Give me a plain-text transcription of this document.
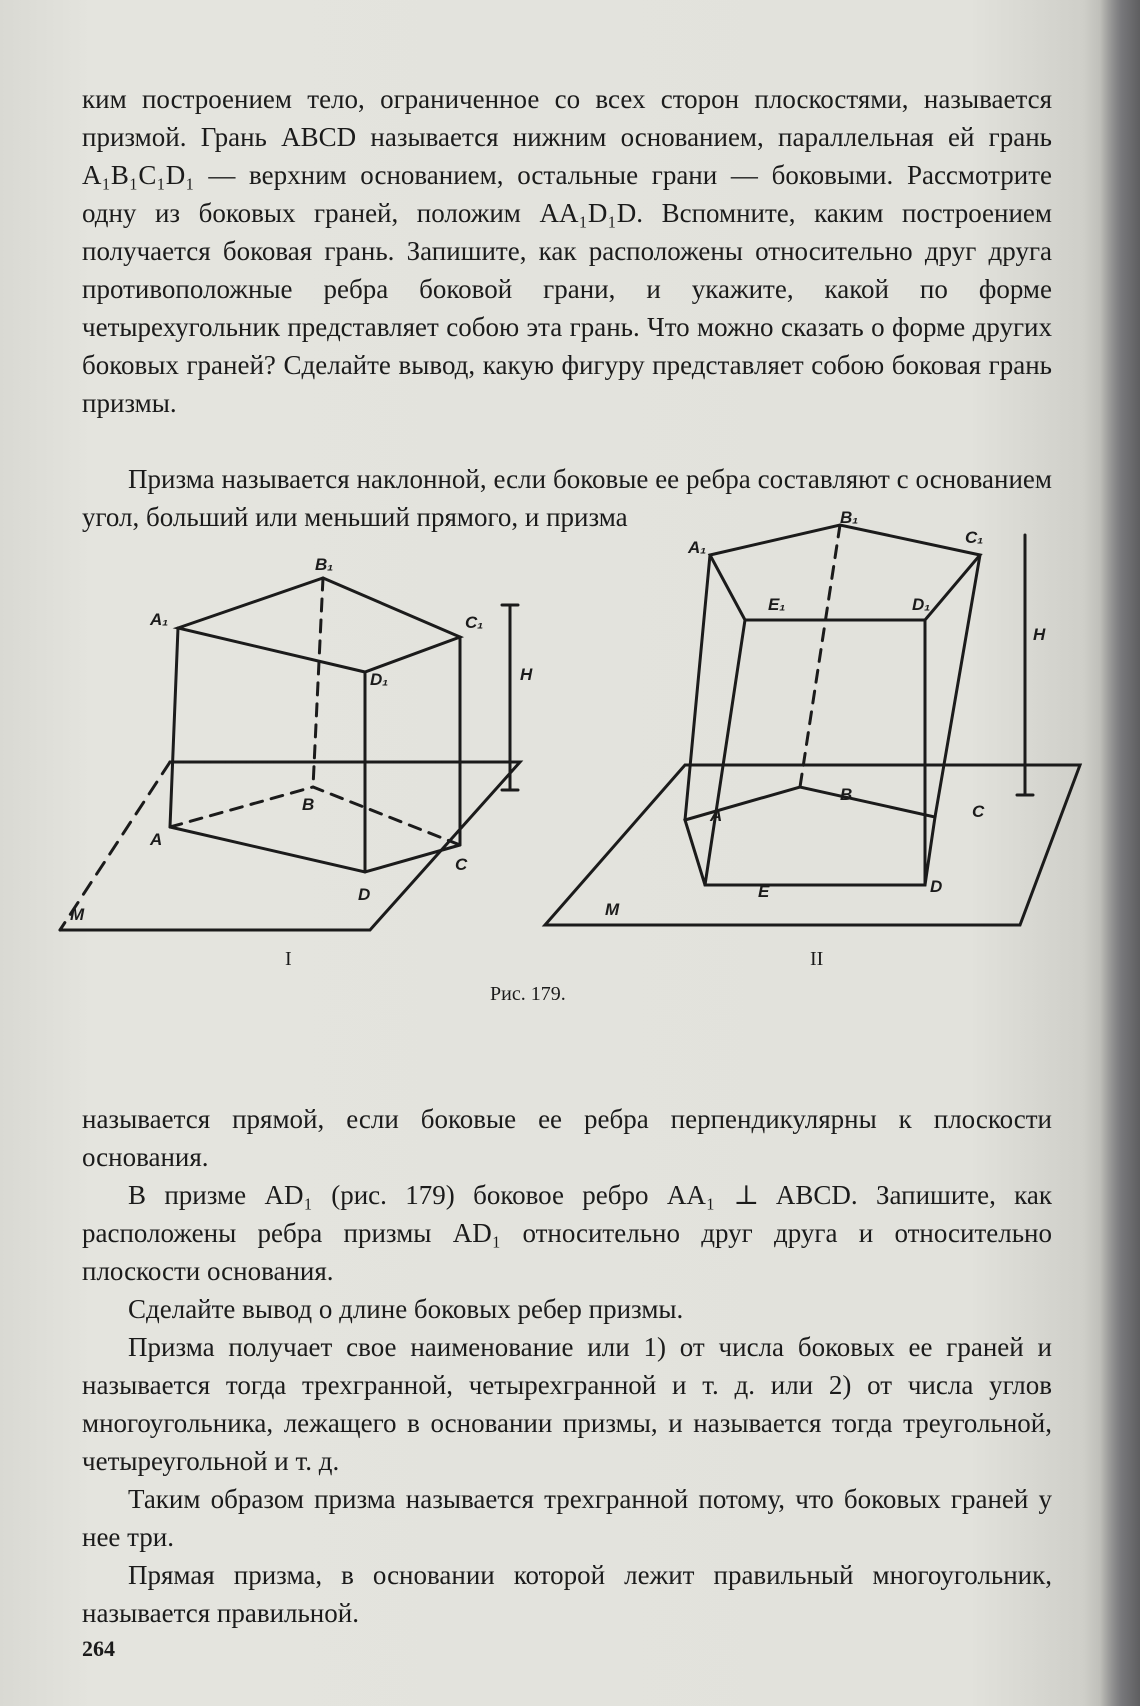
ким построением тело, ограниченное со всех сторон плоскостями, называется призмой. Грань ABCD называется нижним основанием, параллельная ей грань A₁B₁C₁D₁ — верхним основанием, остальные грани — боковыми. Рассмотрите одну из боковых граней, положим AA₁D₁D. Вспомните, каким построением получается боковая грань. Запишите, как расположены относительно друг друга противоположные ребра боковой грани, и укажите, какой по форме четырехугольник представляет собою эта грань. Что можно сказать о форме других боковых граней? Сделайте вывод, какую фигуру представляет собою боковая грань призмы.

Призма называется наклонной, если боковые ее ребра составляют с основанием угол, больший или меньший прямого, и призма

B₁
A₁	C₁
D₁	H
B
A
C
D
M
I
B₁
A₁
C₁
E₁	D₁
H
B
A	C
E	D
M
II
Рис. 179.

называется прямой, если боковые ее ребра перпендикулярны к плоскости основания.

В призме AD₁ (рис. 179) боковое ребро AA₁ ⊥ ABCD. Запишите, как расположены ребра призмы AD₁ относительно друг друга и относительно плоскости основания.

Сделайте вывод о длине боковых ребер призмы.

Призма получает свое наименование или 1) от числа боковых ее граней и называется тогда трехгранной, четырехгранной и т. д. или 2) от числа углов многоугольника, лежащего в основании призмы, и называется тогда треугольной, четыреугольной и т. д.

Таким образом призма называется трехгранной потому, что боковых граней у нее три.

Прямая призма, в основании которой лежит правильный многоугольник, называется правильной.

264
